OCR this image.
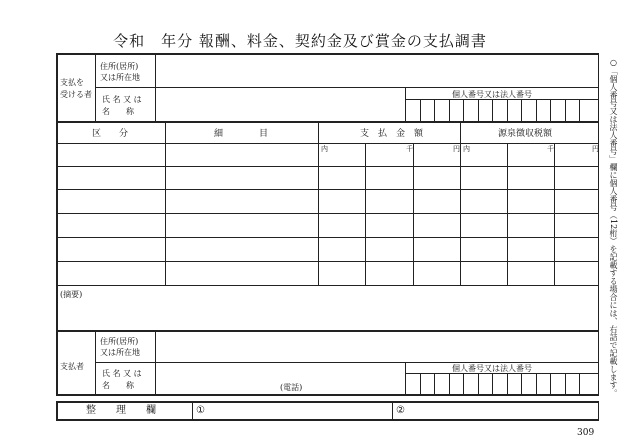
令和　年分 報酬、料金、契約金及び賞金の支払調書
支払を
受ける者
住所(居所)
又は所在地
氏 名 又 は
名　　称
個人番号又は法人番号
区　　分	細　　　　目	支　払　金　額	源泉徴収税額
内	千	円 内	千	円
(摘要)
支払者
住所(居所)
又は所在地
氏 名 又 は
名　　称	(電話)
個人番号又は法人番号
整　　理　　欄	①	②
○「個人番号又は法人番号」欄に個人番号（12桁）を記載する場合には、右詰で記載します。
309
